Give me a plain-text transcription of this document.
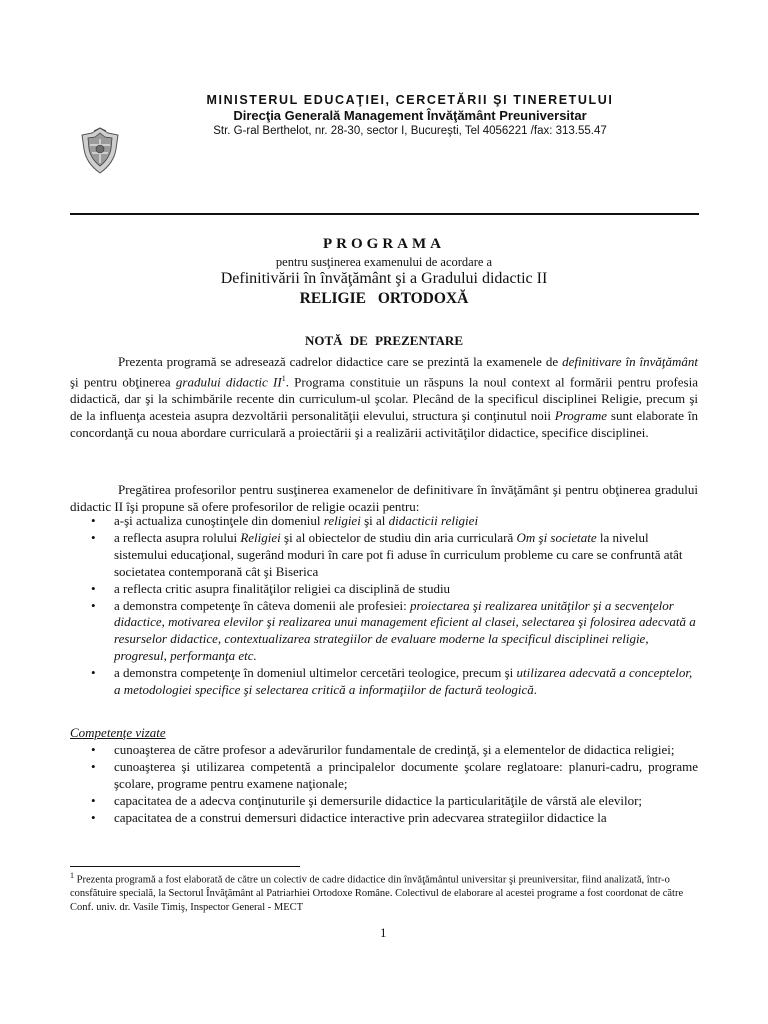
MINISTERUL EDUCAŢIEI, CERCETĂRII ŞI TINERETULUI
Direcţia Generală Management Învăţământ Preuniversitar
Str. G-ral Berthelot, nr. 28-30, sector I, Bucureşti, Tel 4056221 /fax: 313.55.47
PROGRAMA
pentru susţinerea examenului de acordare a
Definitivării în învăţământ şi a Gradului didactic II
RELIGIE ORTODOXĂ
NOTĂ DE PREZENTARE

Prezenta programă se adresează cadrelor didactice care se prezintă la examenele de definitivare în învăţământ şi pentru obţinerea gradului didactic $II^1$. Programa constituie un răspuns la noul context al formării pentru profesia didactică, dar şi la schimbările recente din curriculum-ul şcolar. Plecând de la specificul disciplinei Religie, precum şi de la influenţa acesteia asupra dezvoltării personalităţii elevului, structura şi conţinutul noii Programe sunt elaborate în concordanţă cu noua abordare curriculară a proiectării şi a realizării activităţilor didactice, specifice disciplinei.

Pregătirea profesorilor pentru susţinerea examenelor de definitivare în învăţământ şi pentru obţinerea gradului didactic II îşi propune să ofere profesorilor de religie ocazii pentru:

• a-şi actualiza cunoştinţele din domeniul religiei şi al didacticii religiei
• a reflecta asupra rolului Religiei şi al obiectelor de studiu din aria curriculară Om şi societate la nivelul sistemului educaţional, sugerând moduri în care pot fi aduse în curriculum probleme cu care se confruntă atât societatea contemporană cât şi Biserica
• a reflecta critic asupra finalităţilor religiei ca disciplină de studiu
• a demonstra competenţe în câteva domenii ale profesiei: proiectarea şi realizarea unităţilor şi a secvenţelor didactice, motivarea elevilor şi realizarea unui management eficient al clasei, selectarea şi folosirea adecvată a resurselor didactice, contextualizarea strategiilor de evaluare moderne la specificul disciplinei religie, progresul, performanţa etc.
• a demonstra competenţe în domeniul ultimelor cercetări teologice, precum şi utilizarea adecvată a conceptelor, a metodologiei specifice şi selectarea critică a informaţiilor de factură teologică.
Competenţe vizate
• cunoaşterea de către profesor a adevărurilor fundamentale de credinţă, şi a elementelor de didactica religiei;
• cunoaşterea şi utilizarea competentă a principalelor documente şcolare reglatoare: planuri-cadru, programe şcolare, programe pentru examene naţionale;
• capacitatea de a adecva conţinuturile şi demersurile didactice la particularităţile de vârstă ale elevilor;
• capacitatea de a construi demersuri didactice interactive prin adecvarea strategiilor didactice la
$^1$ Prezenta programă a fost elaborată de către un colectiv de cadre didactice din învăţământul universitar şi preuniversitar, fiind analizată, într-o consfătuire specială, la Sectorul Învăţământ al Patriarhiei Ortodoxe Române. Colectivul de elaborare al acestei programe a fost coordonat de către Conf. univ. dr. Vasile Timiş, Inspector General - MECT
1
